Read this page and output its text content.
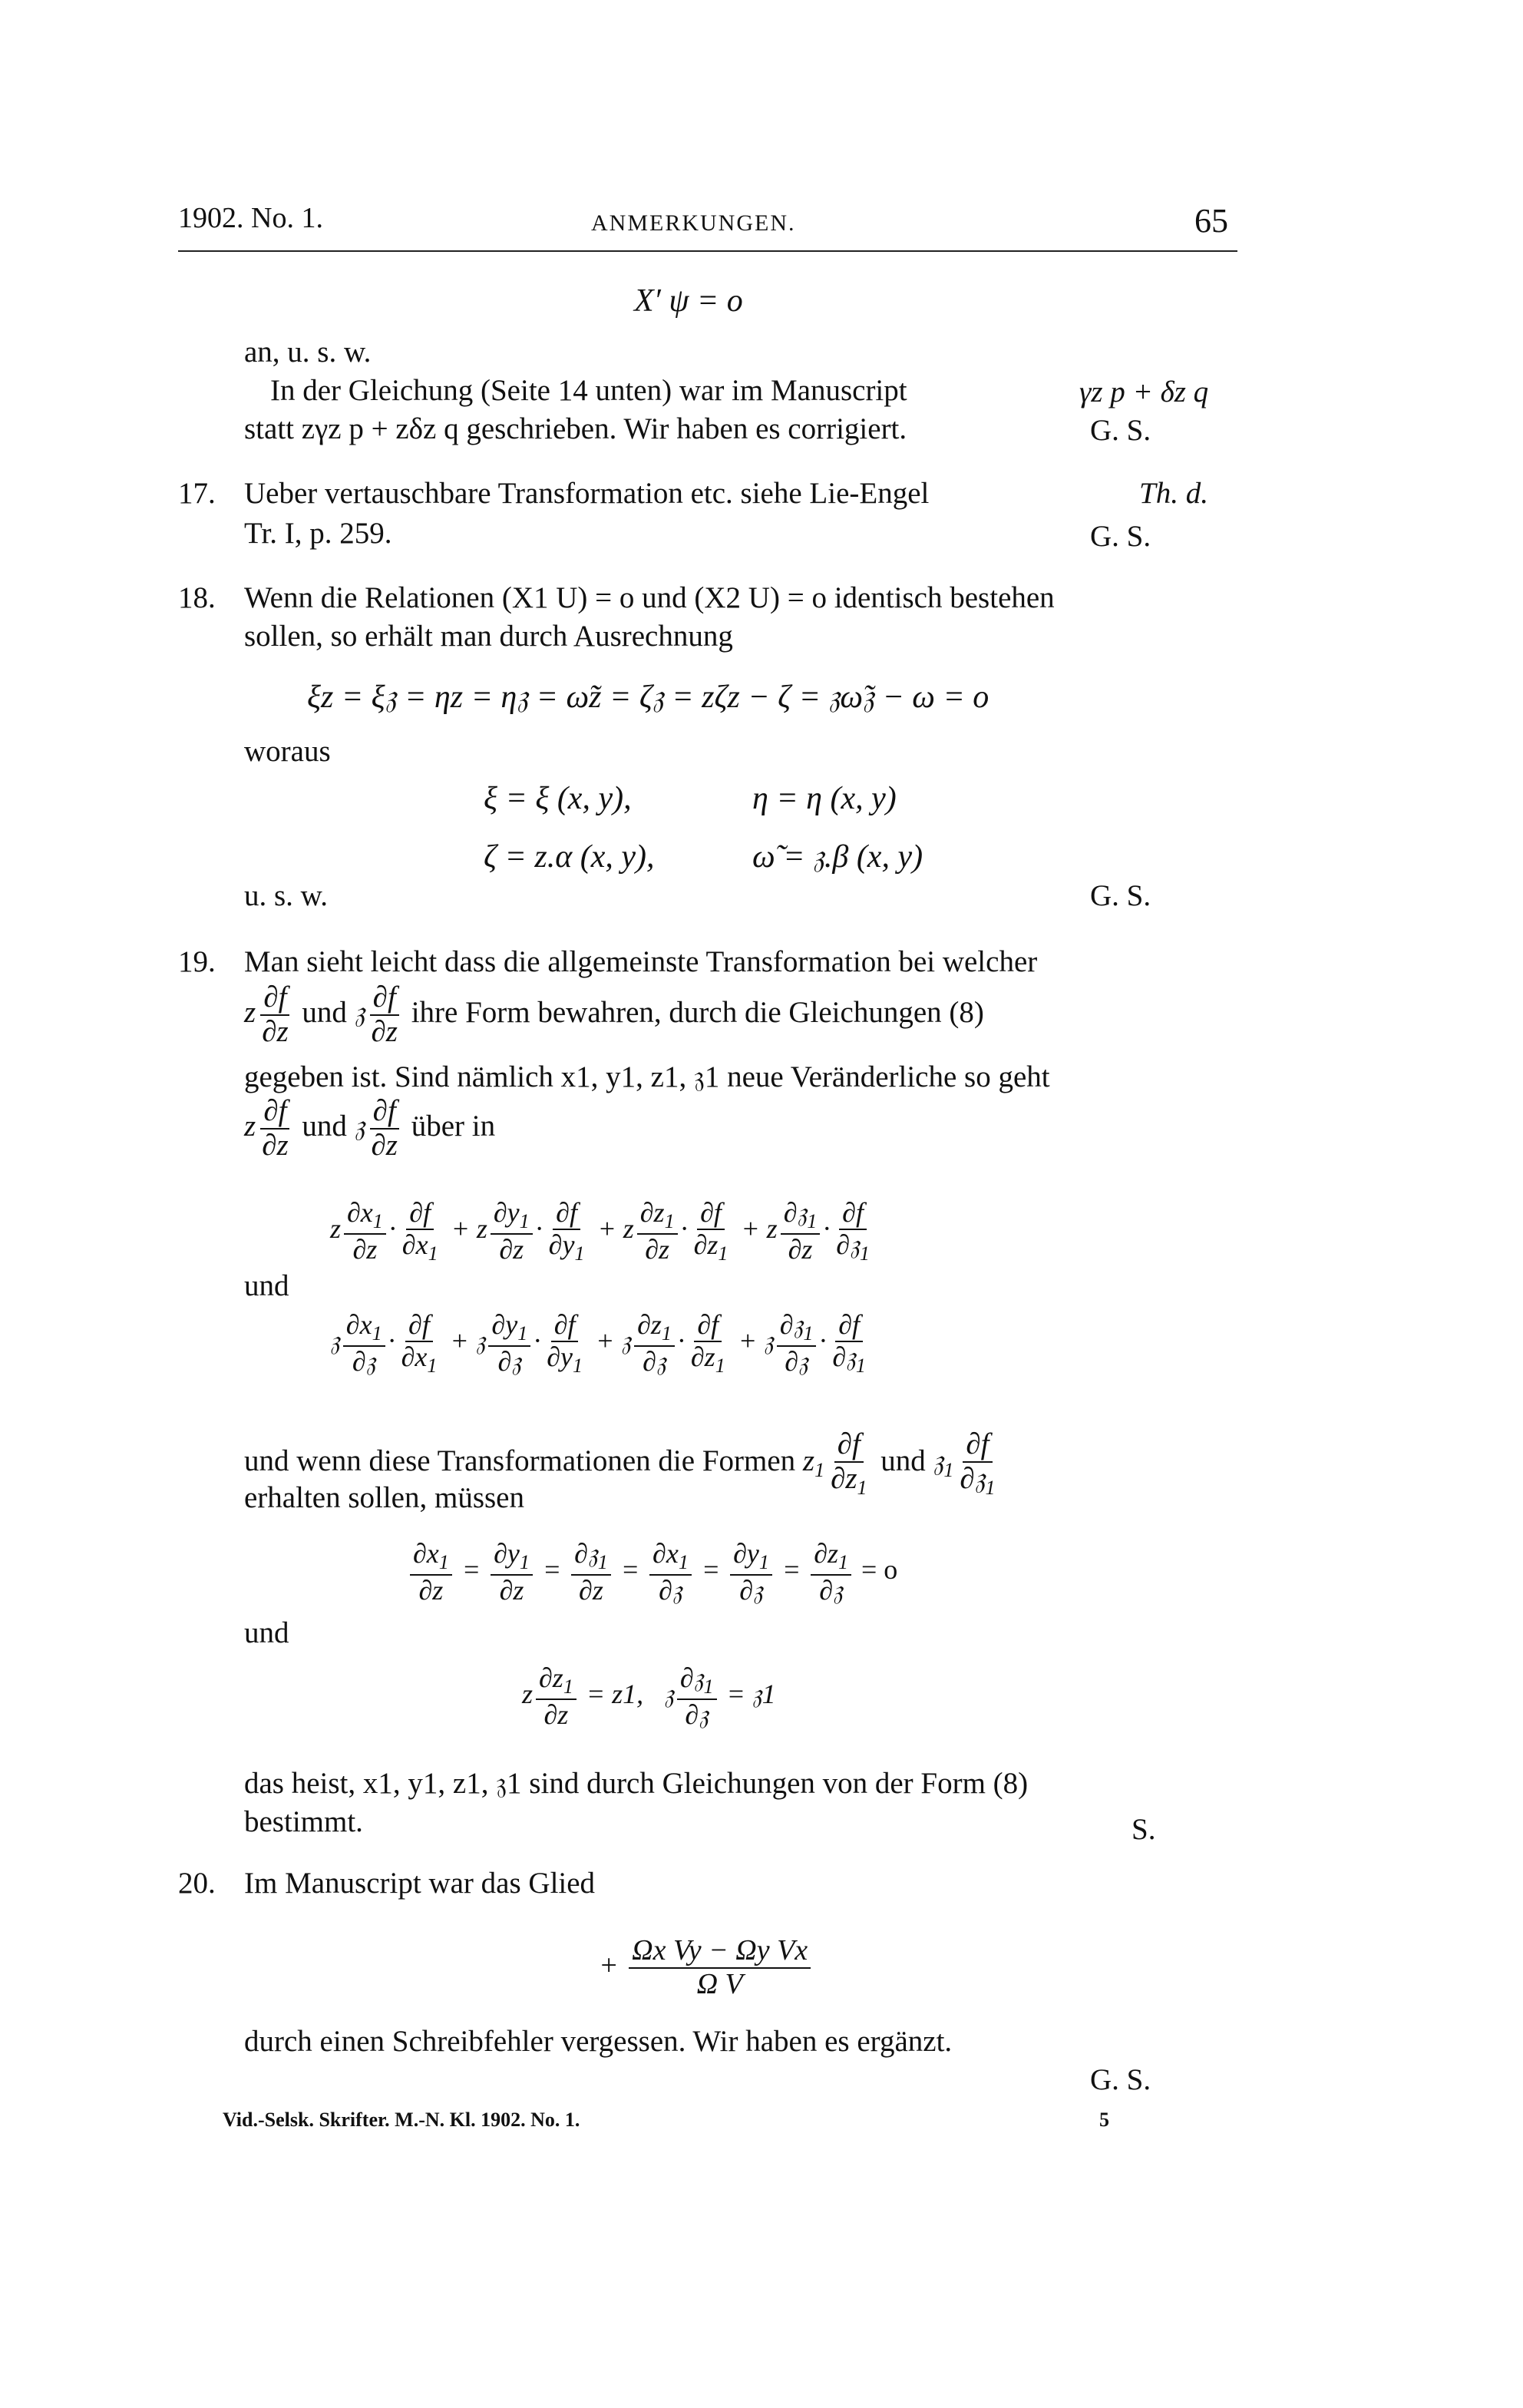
1902. No. 1.	ANMERKUNGEN.	65
X′ ψ = o
an, u. s. w.
In der Gleichung (Seite 14 unten) war im Manuscript	γz p + δz q
statt zγz p + zδz q geschrieben. Wir haben es corrigiert.	G. S.
17. Ueber vertauschbare Transformation etc. siehe Lie-Engel	Th. d.
Tr. I, p. 259.	G. S.
18. Wenn die Relationen (X1 U) = o und (X2 U) = o identisch bestehen
sollen, so erhält man durch Ausrechnung
ξz = ξ𝔷 = ηz = η𝔷 = ω̃z = ζ𝔷 = zζz − ζ = 𝔷ω̃𝔷 − ω = o
woraus
ξ = ξ (x, y),	η = η (x, y)
ζ = z.α (x, y),	ω̃ = 𝔷.β (x, y)
u. s. w.	G. S.
19. Man sieht leicht dass die allgemeinste Transformation bei welcher
z $\frac{\partial f}{\partial z}$ und 𝔷 $\frac{\partial f}{\partial z}$ ihre Form bewahren, durch die Gleichungen (8)
gegeben ist. Sind nämlich x1, y1, z1, 𝔷1 neue Veränderliche so geht
z $\frac{\partial f}{\partial z}$ und 𝔷 $\frac{\partial f}{\partial z}$ über in
z $\frac{\partial x_1}{\partial z} \cdot \frac{\partial f}{\partial x_1} + z \frac{\partial y_1}{\partial z} \cdot \frac{\partial f}{\partial y_1} + z \frac{\partial z_1}{\partial z} \cdot \frac{\partial f}{\partial z_1} + z \frac{\partial 𝔷_1}{\partial z} \cdot \frac{\partial f}{\partial 𝔷_1}$
und
𝔷 $\frac{\partial x_1}{\text{∂𝔷}} \cdot \frac{\partial f}{\partial x_1}$ + 𝔷 $\frac{\partial y_1}{\text{∂𝔷}} \cdot \frac{\partial f}{\partial y_1}$ + 𝔷 $\frac{\partial z_1}{\text{∂𝔷}} \cdot \frac{\partial f}{\partial z_1}$ + 𝔷 $\frac{\partial 𝔷_1}{\text{∂𝔷}} \cdot \frac{\partial f}{\partial 𝔷_1}$
und wenn diese Transformationen die Formen $z_1 \frac{\partial f}{\partial z_1}$ und 𝔷$_1$ $\frac{\partial f}{\partial 𝔷_1}$
erhalten sollen, müssen
$\frac{\partial x_1}{\partial z} = \frac{\partial y_1}{\partial z} = \frac{\partial 𝔷_1}{\partial z} = \frac{\partial x_1}{\text{∂𝔷}} = \frac{\partial y_1}{\text{∂𝔷}} = \frac{\partial z_1}{\text{∂𝔷}} = o$
und
z $\frac{\partial z_1}{\partial z} = z1$,   𝔷 $\frac{\partial 𝔷_1}{\text{∂𝔷}}$ = 𝔷1
das heist, x1, y1, z1, 𝔷1 sind durch Gleichungen von der Form (8)
bestimmt.	S.
20. Im Manuscript war das Glied
+ $\frac{\text{Ωx Vy − Ωy Vx}}{\text{Ω V}}$
durch einen Schreibfehler vergessen. Wir haben es ergänzt.
G. S.
Vid.-Selsk. Skrifter. M.-N. Kl. 1902. No. 1.	5
